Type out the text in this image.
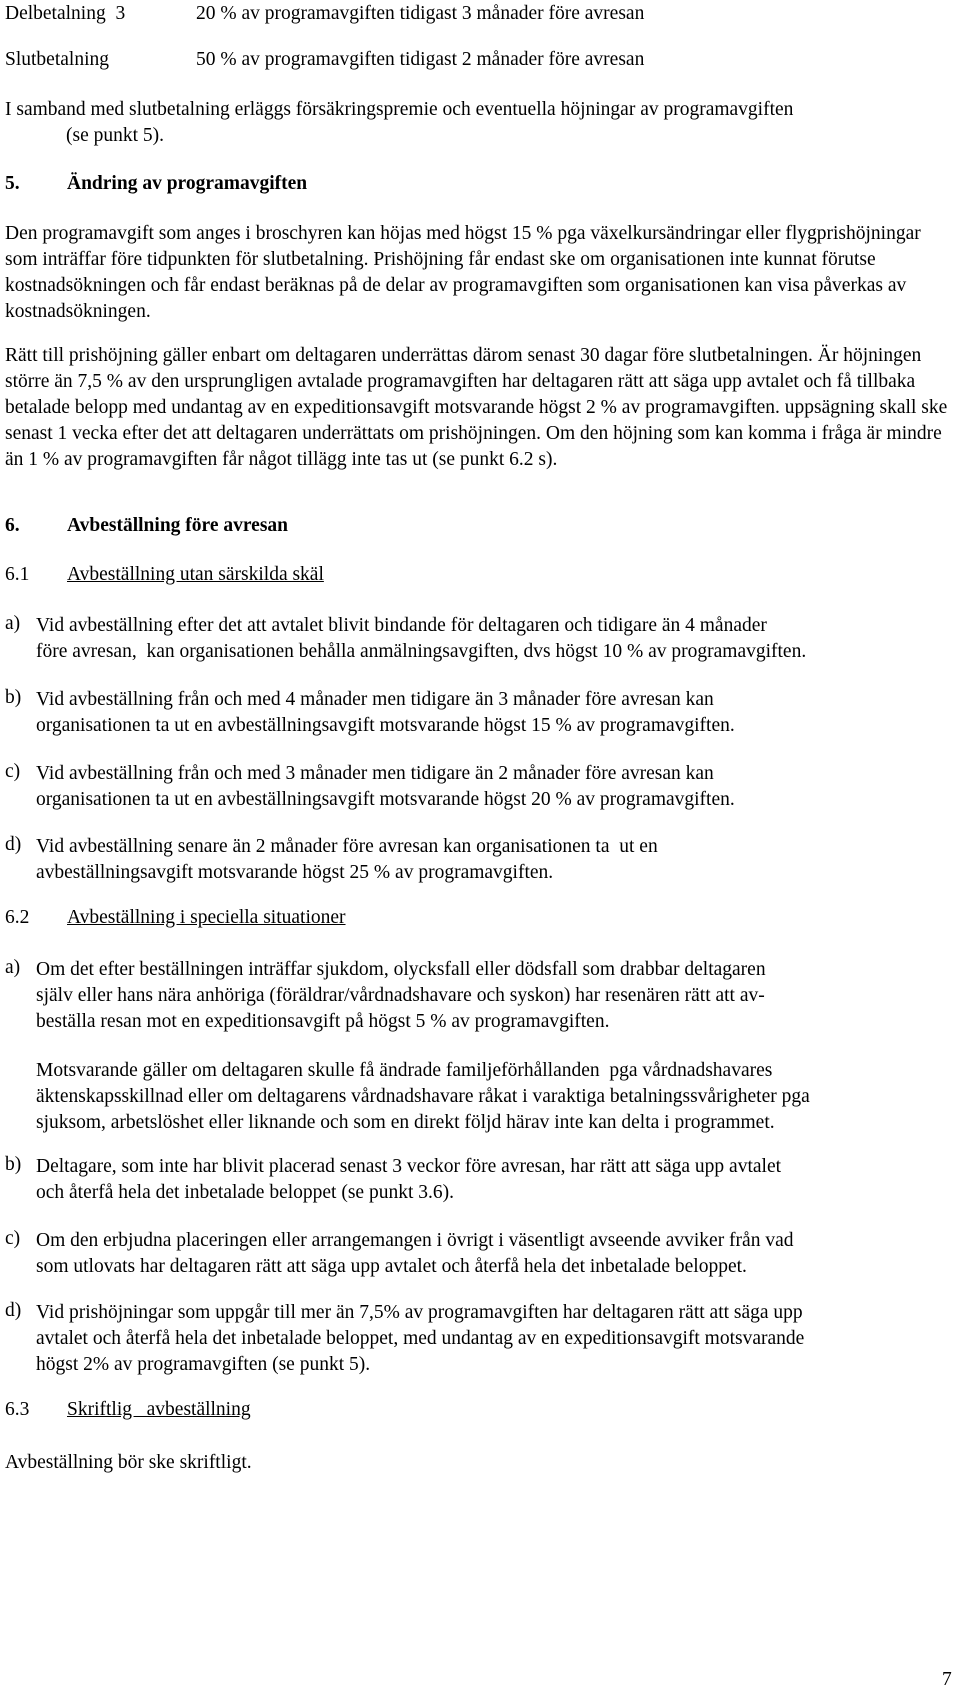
Delbetalning  3	20 % av programavgiften tidigast 3 månader före avresan
Slutbetalning	50 % av programavgiften tidigast 2 månader före avresan
I samband med slutbetalning erläggs försäkringspremie och eventuella höjningar av programavgiften
(se punkt 5).
5. Ändring av programavgiften

Den programavgift som anges i broschyren kan höjas med högst 15 % pga växelkursändringar eller flygprishöjningar som inträffar före tidpunkten för slutbetalning. Prishöjning får endast ske om organisationen inte kunnat förutse kostnadsökningen och får endast beräknas på de delar av programavgiften som organisationen kan visa påverkas av kostnadsökningen.

Rätt till prishöjning gäller enbart om deltagaren underrättas därom senast 30 dagar före slutbetalningen. Är höjningen större än 7,5 % av den ursprungligen avtalade programavgiften har deltagaren rätt att säga upp avtalet och få tillbaka betalade belopp med undantag av en expeditionsavgift motsvarande högst 2 % av programavgiften. uppsägning skall ske senast 1 vecka efter det att deltagaren underrättats om prishöjningen. Om den höjning som kan komma i fråga är mindre än 1 % av programavgiften får något tillägg inte tas ut (se punkt 6.2 s).

6. Avbeställning före avresan
6.1 Avbeställning utan särskilda skäl
a) Vid avbeställning efter det att avtalet blivit bindande för deltagaren och tidigare än 4 månader
före avresan,  kan organisationen behålla anmälningsavgiften, dvs högst 10 % av programavgiften.
b) Vid avbeställning från och med 4 månader men tidigare än 3 månader före avresan kan
organisationen ta ut en avbeställningsavgift motsvarande högst 15 % av programavgiften.
c) Vid avbeställning från och med 3 månader men tidigare än 2 månader före avresan kan
organisationen ta ut en avbeställningsavgift motsvarande högst 20 % av programavgiften.
d) Vid avbeställning senare än 2 månader före avresan kan organisationen ta  ut en
avbeställningsavgift motsvarande högst 25 % av programavgiften.
6.2 Avbeställning i speciella situationer
a) Om det efter beställningen inträffar sjukdom, olycksfall eller dödsfall som drabbar deltagaren
själv eller hans nära anhöriga (föräldrar/vårdnadshavare och syskon) har resenären rätt att av-
beställa resan mot en expeditionsavgift på högst 5 % av programavgiften.
Motsvarande gäller om deltagaren skulle få ändrade familjeförhållanden  pga vårdnadshavares
äktenskapsskillnad eller om deltagarens vårdnadshavare råkat i varaktiga betalningssvårigheter pga
sjuksom, arbetslöshet eller liknande och som en direkt följd härav inte kan delta i programmet.
b) Deltagare, som inte har blivit placerad senast 3 veckor före avresan, har rätt att säga upp avtalet
och återfå hela det inbetalade beloppet (se punkt 3.6).
c) Om den erbjudna placeringen eller arrangemangen i övrigt i väsentligt avseende avviker från vad
som utlovats har deltagaren rätt att säga upp avtalet och återfå hela det inbetalade beloppet.
d) Vid prishöjningar som uppgår till mer än 7,5% av programavgiften har deltagaren rätt att säga upp
avtalet och återfå hela det inbetalade beloppet, med undantag av en expeditionsavgift motsvarande
högst 2% av programavgiften (se punkt 5).
6.3 Skriftlig   avbeställning
Avbeställning bör ske skriftligt.
7
